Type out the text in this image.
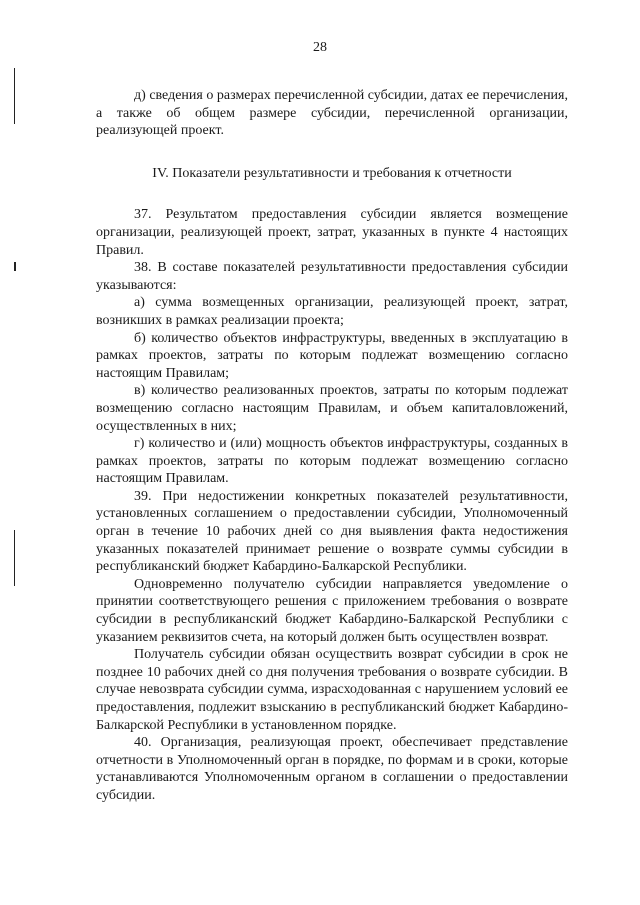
28

д) сведения о размерах перечисленной субсидии, датах ее перечисления, а также об общем размере субсидии, перечисленной организации, реализующей проект.

IV. Показатели результативности и требования к отчетности

37. Результатом предоставления субсидии является возмещение организации, реализующей проект, затрат, указанных в пункте 4 настоящих Правил.

38. В составе показателей результативности предоставления субсидии указываются:

а) сумма возмещенных организации, реализующей проект, затрат, возникших в рамках реализации проекта;

б) количество объектов инфраструктуры, введенных в эксплуатацию в рамках проектов, затраты по которым подлежат возмещению согласно настоящим Правилам;

в) количество реализованных проектов, затраты по которым подлежат возмещению согласно настоящим Правилам, и объем капиталовложений, осуществленных в них;

г) количество и (или) мощность объектов инфраструктуры, созданных в рамках проектов, затраты по которым подлежат возмещению согласно настоящим Правилам.

39. При недостижении конкретных показателей результативности, установленных соглашением о предоставлении субсидии, Уполномоченный орган в течение 10 рабочих дней со дня выявления факта недостижения указанных показателей принимает решение о возврате суммы субсидии в республиканский бюджет Кабардино-Балкарской Республики.

Одновременно получателю субсидии направляется уведомление о принятии соответствующего решения с приложением требования о возврате субсидии в республиканский бюджет Кабардино-Балкарской Республики с указанием реквизитов счета, на который должен быть осуществлен возврат.

Получатель субсидии обязан осуществить возврат субсидии в срок не позднее 10 рабочих дней со дня получения требования о возврате субсидии. В случае невозврата субсидии сумма, израсходованная с нарушением условий ее предоставления, подлежит взысканию в республиканский бюджет Кабардино-Балкарской Республики в установленном порядке.

40. Организация, реализующая проект, обеспечивает представление отчетности в Уполномоченный орган в порядке, по формам и в сроки, которые устанавливаются Уполномоченным органом в соглашении о предоставлении субсидии.
